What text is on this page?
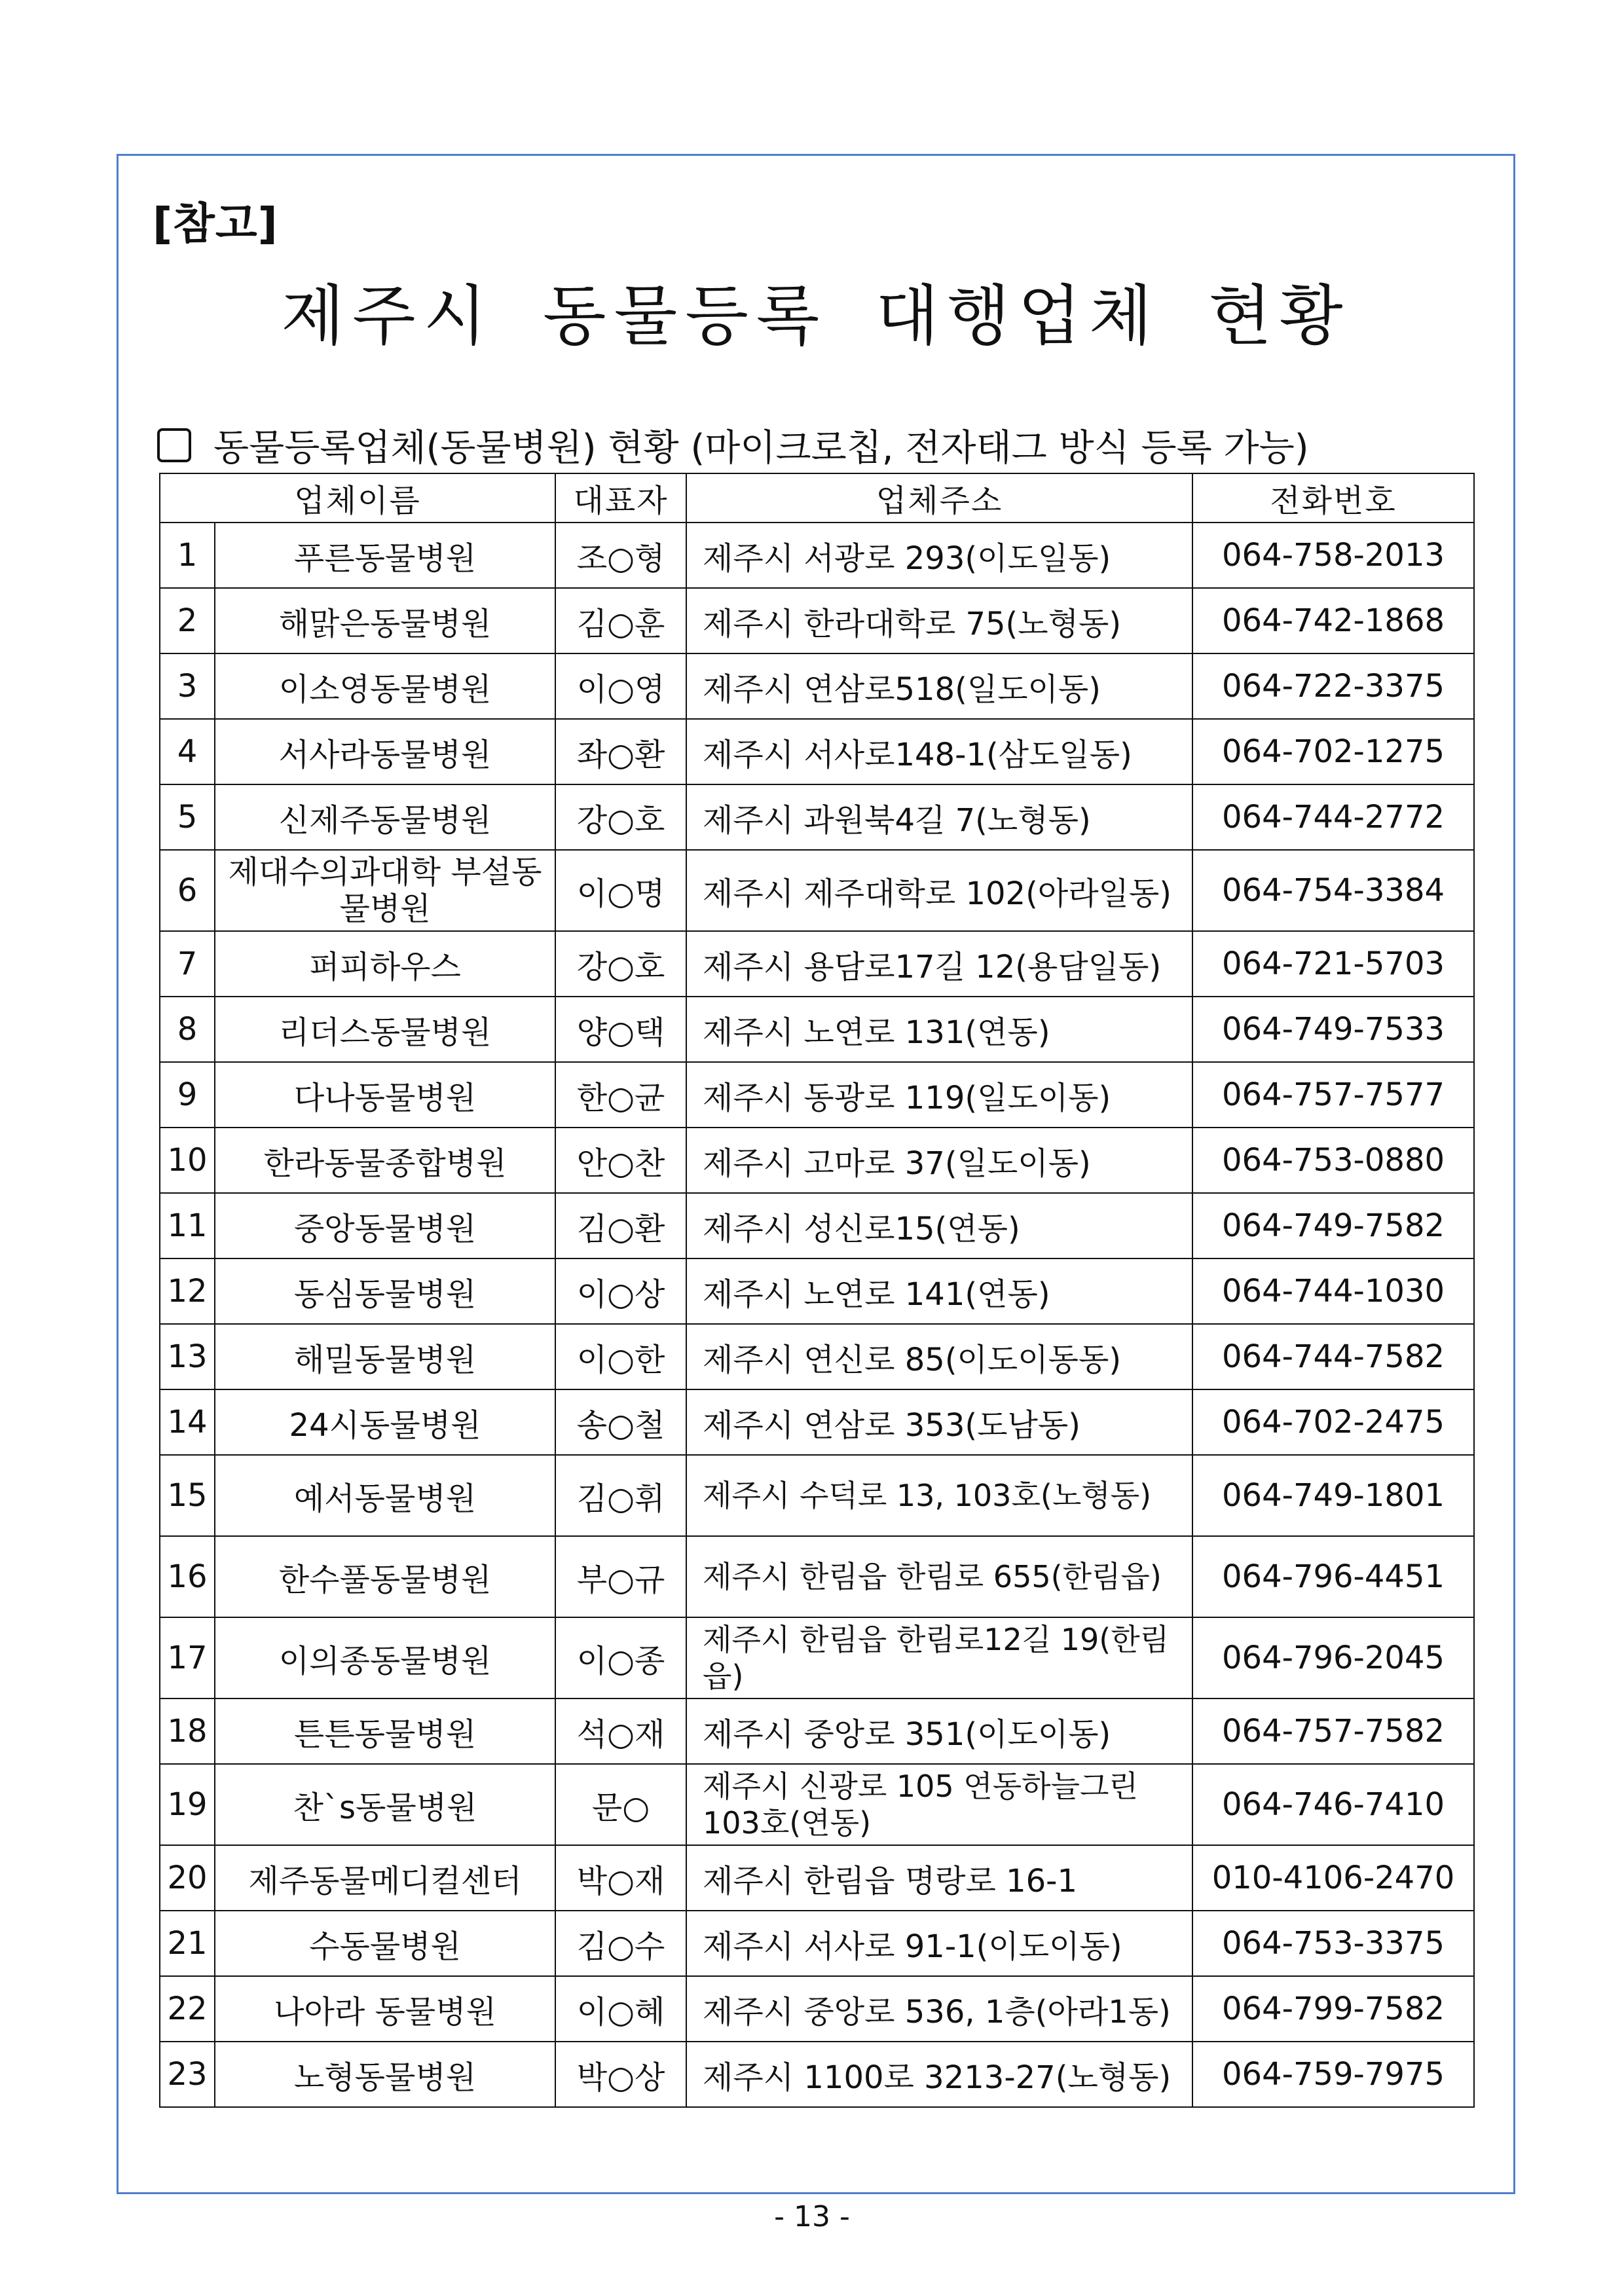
[참고]
제주시 동물등록 대행업체 현황
동물등록업체(동물병원) 현황 (마이크로칩, 전자태그 방식 등록 가능)
업체이름		대표자	업체주소	전화번호
1	푸른동물병원	조○형	제주시 서광로 293(이도일동)	064-758-2013
2	해맑은동물병원	김○훈	제주시 한라대학로 75(노형동)	064-742-1868
3	이소영동물병원	이○영	제주시 연삼로518(일도이동)	064-722-3375
4	서사라동물병원	좌○환	제주시 서사로148-1(삼도일동)	064-702-1275
5	신제주동물병원	강○호	제주시 과원북4길 7(노형동)	064-744-2772
6	제대수의과대학 부설동물병원	이○명	제주시 제주대학로 102(아라일동)	064-754-3384
7	퍼피하우스	강○호	제주시 용담로17길 12(용담일동)	064-721-5703
8	리더스동물병원	양○택	제주시 노연로 131(연동)	064-749-7533
9	다나동물병원	한○균	제주시 동광로 119(일도이동)	064-757-7577
10	한라동물종합병원	안○찬	제주시 고마로 37(일도이동)	064-753-0880
11	중앙동물병원	김○환	제주시 성신로15(연동)	064-749-7582
12	동심동물병원	이○상	제주시 노연로 141(연동)	064-744-1030
13	해밀동물병원	이○한	제주시 연신로 85(이도이동동)	064-744-7582
14	24시동물병원	송○철	제주시 연삼로 353(도남동)	064-702-2475
15	예서동물병원	김○휘	제주시 수덕로 13, 103호(노형동)	064-749-1801
16	한수풀동물병원	부○규	제주시 한림읍 한림로 655(한림읍)	064-796-4451
17	이의종동물병원	이○종	제주시 한림읍 한림로12길 19(한림읍)	064-796-2045
18	튼튼동물병원	석○재	제주시 중앙로 351(이도이동)	064-757-7582
19	찬`s동물병원	문○	제주시 신광로 105 연동하늘그린 103호(연동)	064-746-7410
20	제주동물메디컬센터	박○재	제주시 한림읍 명랑로 16-1	010-4106-2470
21	수동물병원	김○수	제주시 서사로 91-1(이도이동)	064-753-3375
22	나아라 동물병원	이○혜	제주시 중앙로 536, 1층(아라1동)	064-799-7582
23	노형동물병원	박○상	제주시 1100로 3213-27(노형동)	064-759-7975
- 13 -
